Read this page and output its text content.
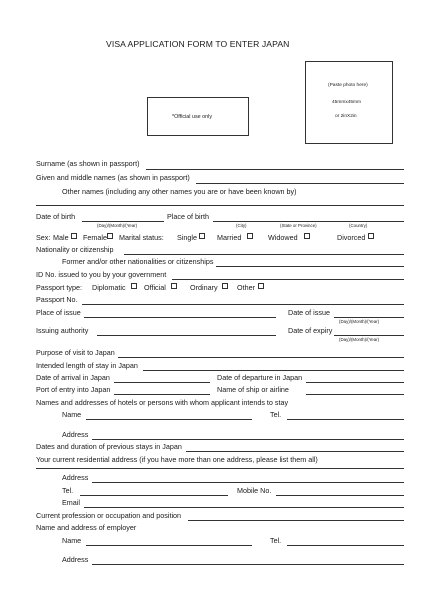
VISA APPLICATION FORM TO ENTER JAPAN
*Official use only
(Paste photo here)
45mmx45mm
or 2inX2in
Surname (as shown in passport)
Given and middle names (as shown in passport)
Other names (including any other names you are or have been known by)
Date of birth	Place of birth
(Day)/(Month)/(Year)	(City)	(State or Province)	(Country)
Sex: Male Female Marital status: Single	Married	Widowed	Divorced
Nationality or citizenship
Former and/or other nationalities or citizenships
ID No. issued to you by your government
Passport type: Diplomatic	Official	Ordinary	Other
Passport No.
Place of issue	Date of issue
(Day)/(Month)/(Year)
Issuing authority	Date of expiry
(Day)/(Month)/(Year)
Purpose of visit to Japan
Intended length of stay in Japan
Date of arrival in Japan	Date of departure in Japan
Port of entry into Japan	Name of ship or airline
Names and addresses of hotels or persons with whom applicant intends to stay
Name	Tel.
Address
Dates and duration of previous stays in Japan
Your current residential address (if you have more than one address, please list them all)
Address
Tel.	Mobile No.
Email
Current profession or occupation and position
Name and address of employer
Name	Tel.
Address
